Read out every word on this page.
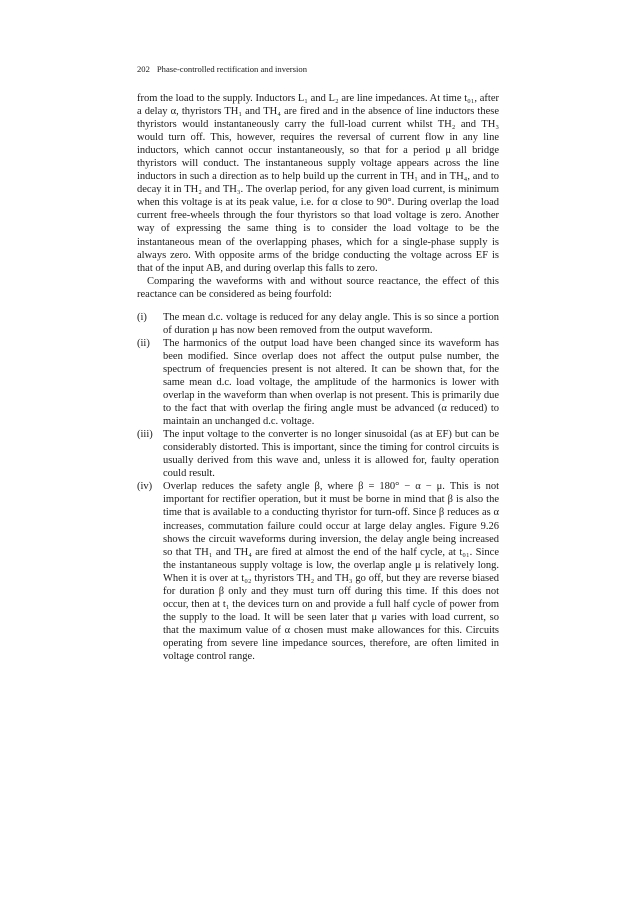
202 Phase-controlled rectification and inversion

from the load to the supply. Inductors L₁ and L₂ are line impedances. At time t₀₁, after a delay α, thyristors TH₁ and TH₄ are fired and in the absence of line inductors these thyristors would instantaneously carry the full-load current whilst TH₂ and TH₃ would turn off. This, however, requires the reversal of current flow in any line inductors, which cannot occur instantaneously, so that for a period μ all bridge thyristors will conduct. The instantaneous supply voltage appears across the line inductors in such a direction as to help build up the current in TH₁ and in TH₄, and to decay it in TH₂ and TH₃. The overlap period, for any given load current, is minimum when this voltage is at its peak value, i.e. for α close to 90°. During overlap the load current free-wheels through the four thyristors so that load voltage is zero. Another way of expressing the same thing is to consider the load voltage to be the instantaneous mean of the overlapping phases, which for a single-phase supply is always zero. With opposite arms of the bridge conducting the voltage across EF is that of the input AB, and during overlap this falls to zero.

Comparing the waveforms with and without source reactance, the effect of this reactance can be considered as being fourfold:

(i)	The mean d.c. voltage is reduced for any delay angle. This is so since a portion of duration μ has now been removed from the output waveform.
(ii)	The harmonics of the output load have been changed since its waveform has been modified. Since overlap does not affect the output pulse number, the spectrum of frequencies present is not altered. It can be shown that, for the same mean d.c. load voltage, the amplitude of the harmonics is lower with overlap in the waveform than when overlap is not present. This is primarily due to the fact that with overlap the firing angle must be advanced (α reduced) to maintain an unchanged d.c. voltage.
(iii) The input voltage to the converter is no longer sinusoidal (as at EF) but can be considerably distorted. This is important, since the timing for control circuits is usually derived from this wave and, unless it is allowed for, faulty operation could result.
(iv)	Overlap reduces the safety angle β, where β = 180° − α − μ. This is not important for rectifier operation, but it must be borne in mind that β is also the time that is available to a conducting thyristor for turn-off. Since β reduces as α increases, commutation failure could occur at large delay angles. Figure 9.26 shows the circuit waveforms during inversion, the delay angle being increased so that TH₁ and TH₄ are fired at almost the end of the half cycle, at t₀₁. Since the instantaneous supply voltage is low, the overlap angle μ is relatively long. When it is over at t₀₂ thyristors TH₂ and TH₃ go off, but they are reverse biased for duration β only and they must turn off during this time. If this does not occur, then at t₁ the devices turn on and provide a full half cycle of power from the supply to the load. It will be seen later that μ varies with load current, so that the maximum value of α chosen must make allowances for this. Circuits operating from severe line impedance sources, therefore, are often limited in voltage control range.
